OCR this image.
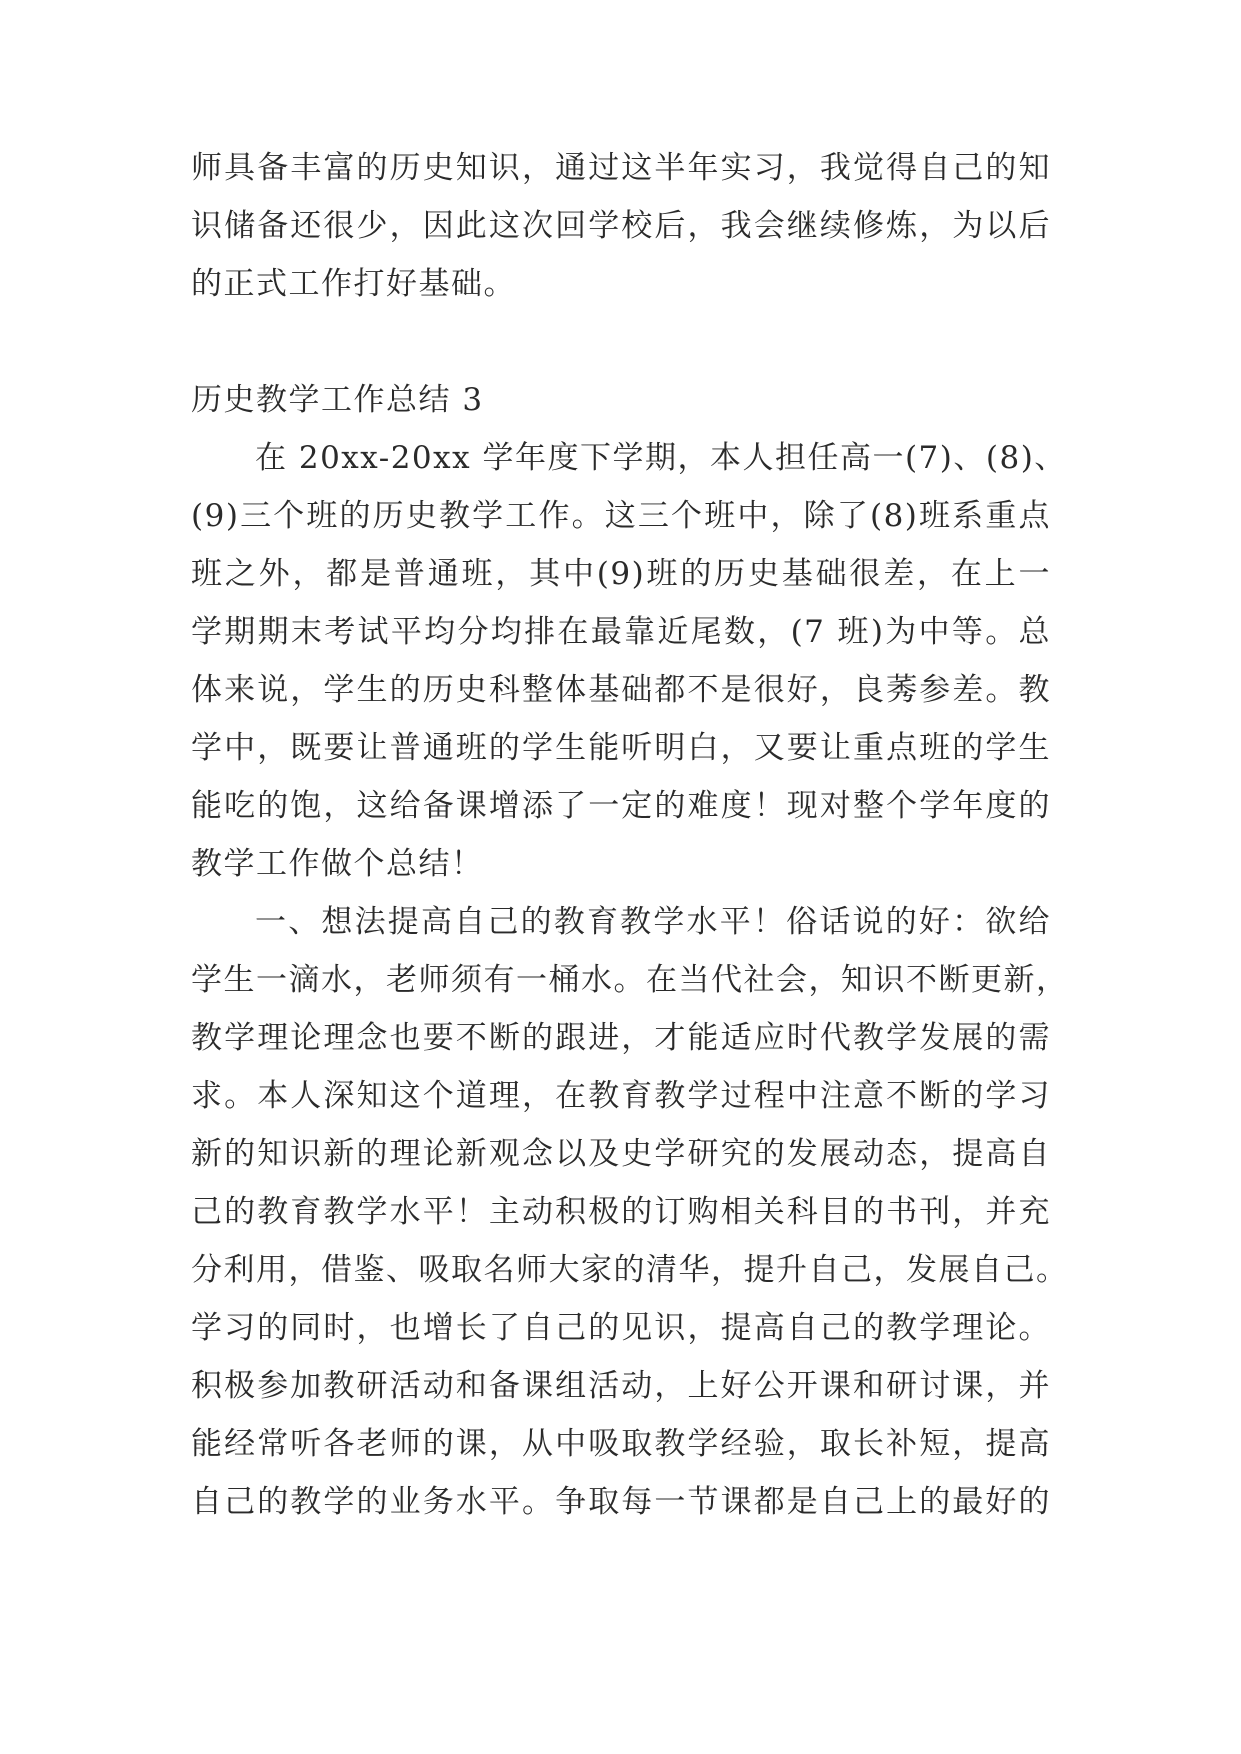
师具备丰富的历史知识，通过这半年实习，我觉得自己的知
识储备还很少，因此这次回学校后，我会继续修炼，为以后
的正式工作打好基础。
历史教学工作总结 3
在 20xx-20xx 学年度下学期，本人担任高一(7)、(8)、
(9)三个班的历史教学工作。这三个班中，除了(8)班系重点
班之外，都是普通班，其中(9)班的历史基础很差，在上一
学期期末考试平均分均排在最靠近尾数，(7 班)为中等。总
体来说，学生的历史科整体基础都不是很好，良莠参差。教
学中，既要让普通班的学生能听明白，又要让重点班的学生
能吃的饱，这给备课增添了一定的难度！现对整个学年度的
教学工作做个总结！
一、想法提高自己的教育教学水平！俗话说的好：欲给
学生一滴水，老师须有一桶水。在当代社会，知识不断更新，
教学理论理念也要不断的跟进，才能适应时代教学发展的需
求。本人深知这个道理，在教育教学过程中注意不断的学习
新的知识新的理论新观念以及史学研究的发展动态，提高自
己的教育教学水平！主动积极的订购相关科目的书刊，并充
分利用，借鉴、吸取名师大家的清华，提升自己，发展自己。
学习的同时，也增长了自己的见识，提高自己的教学理论。
积极参加教研活动和备课组活动，上好公开课和研讨课，并
能经常听各老师的课，从中吸取教学经验，取长补短，提高
自己的教学的业务水平。争取每一节课都是自己上的最好的
